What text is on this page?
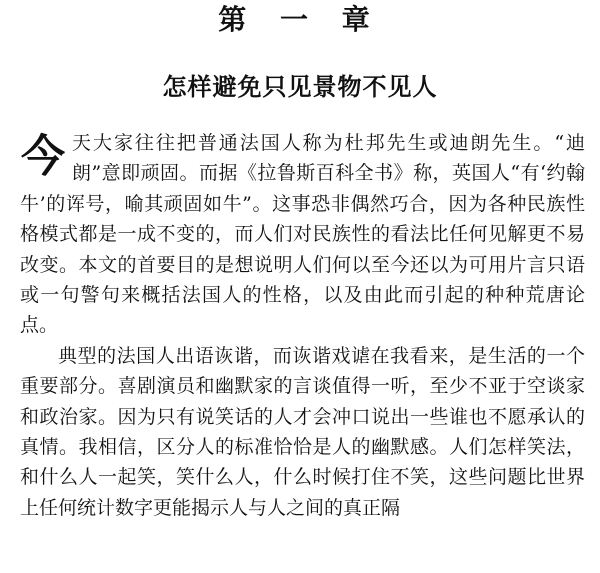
第 一 章
怎样避免只见景物不见人

今 天大家往往把普通法国人称为杜邦先生或迪朗先生。“迪朗”意即顽固。而据《拉鲁斯百科全书》称，英国人“有‘约翰牛’的诨号，喻其顽固如牛”。这事恐非偶然巧合，因为各种民族性格模式都是一成不变的，而人们对民族性的看法比任何见解更不易改变。本文的首要目的是想说明人们何以至今还以为可用片言只语或一句警句来概括法国人的性格，以及由此而引起的种种荒唐论点。

典型的法国人出语诙谐，而诙谐戏谑在我看来，是生活的一个重要部分。喜剧演员和幽默家的言谈值得一听，至少不亚于空谈家和政治家。因为只有说笑话的人才会冲口说出一些谁也不愿承认的真情。我相信，区分人的标准恰恰是人的幽默感。人们怎样笑法，和什么人一起笑，笑什么人，什么时候打住不笑，这些问题比世界上任何统计数字更能揭示人与人之间的真正隔
